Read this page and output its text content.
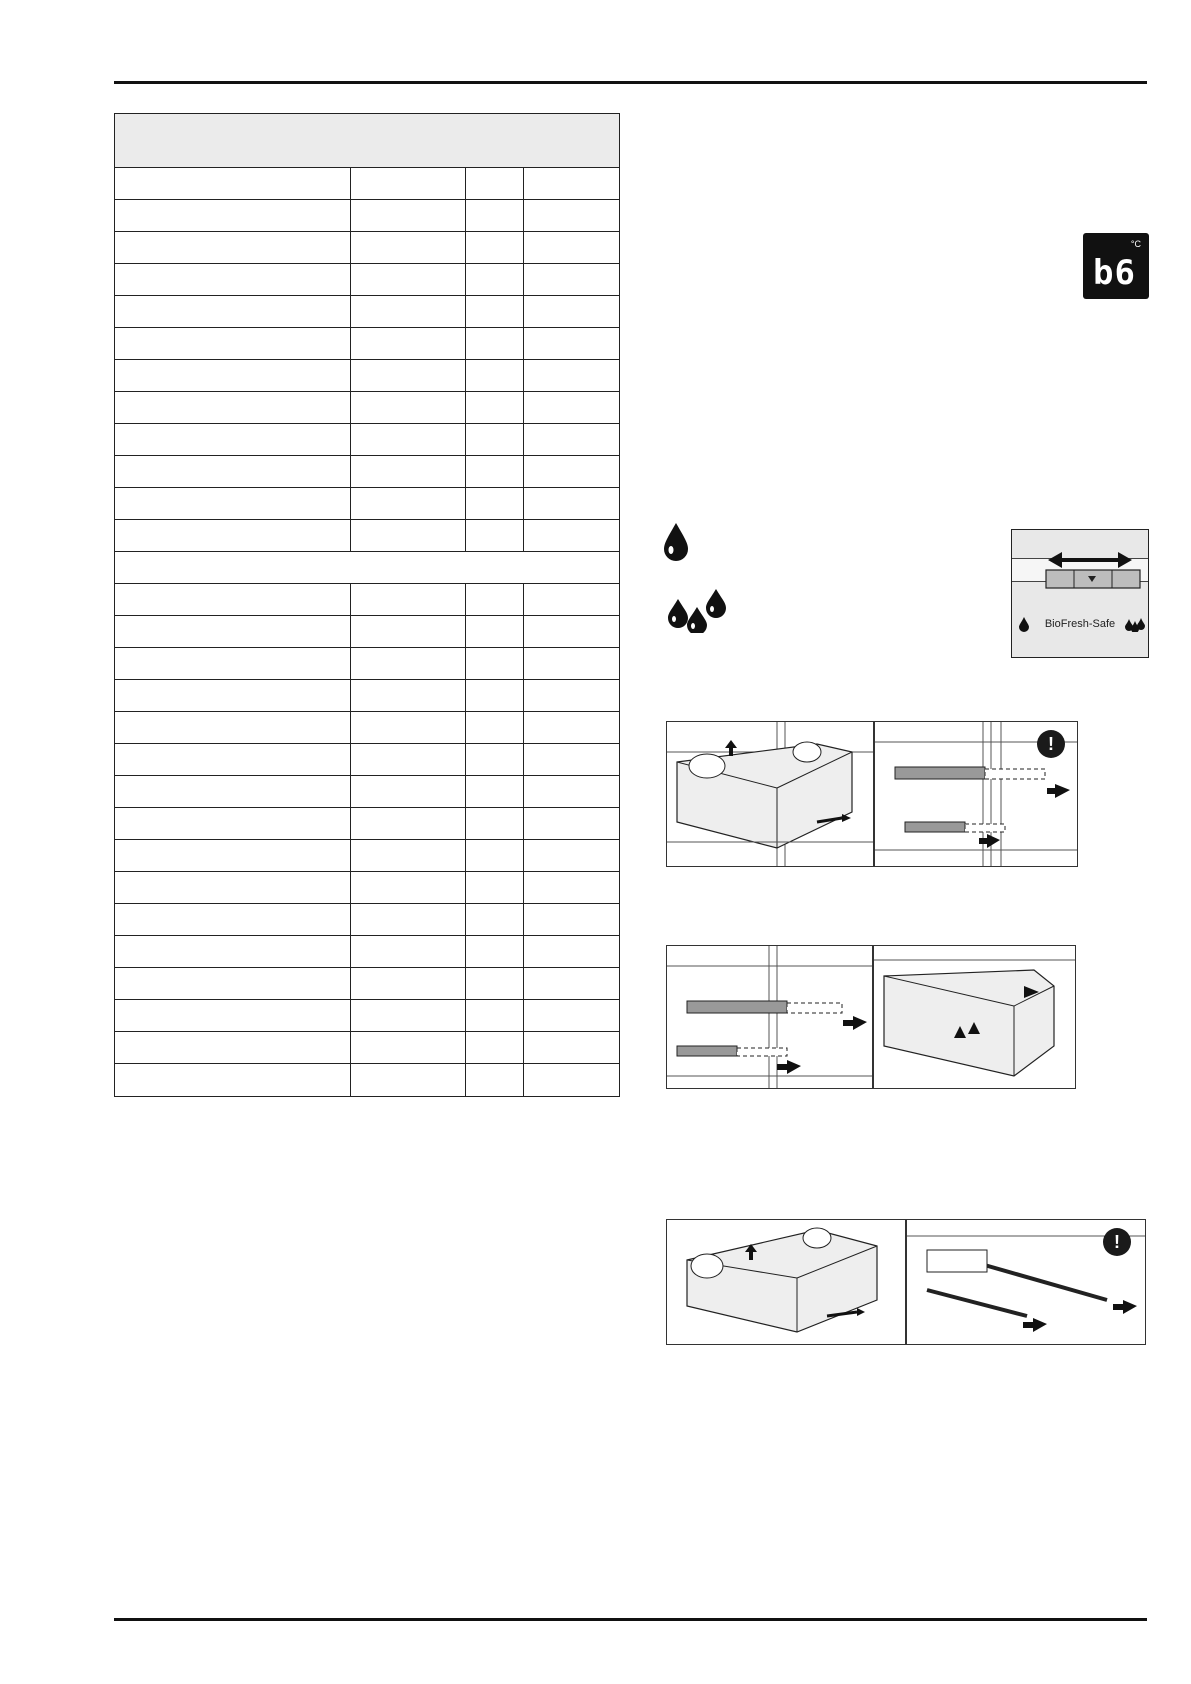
°C
b6
BioFresh-Safe
!
!
